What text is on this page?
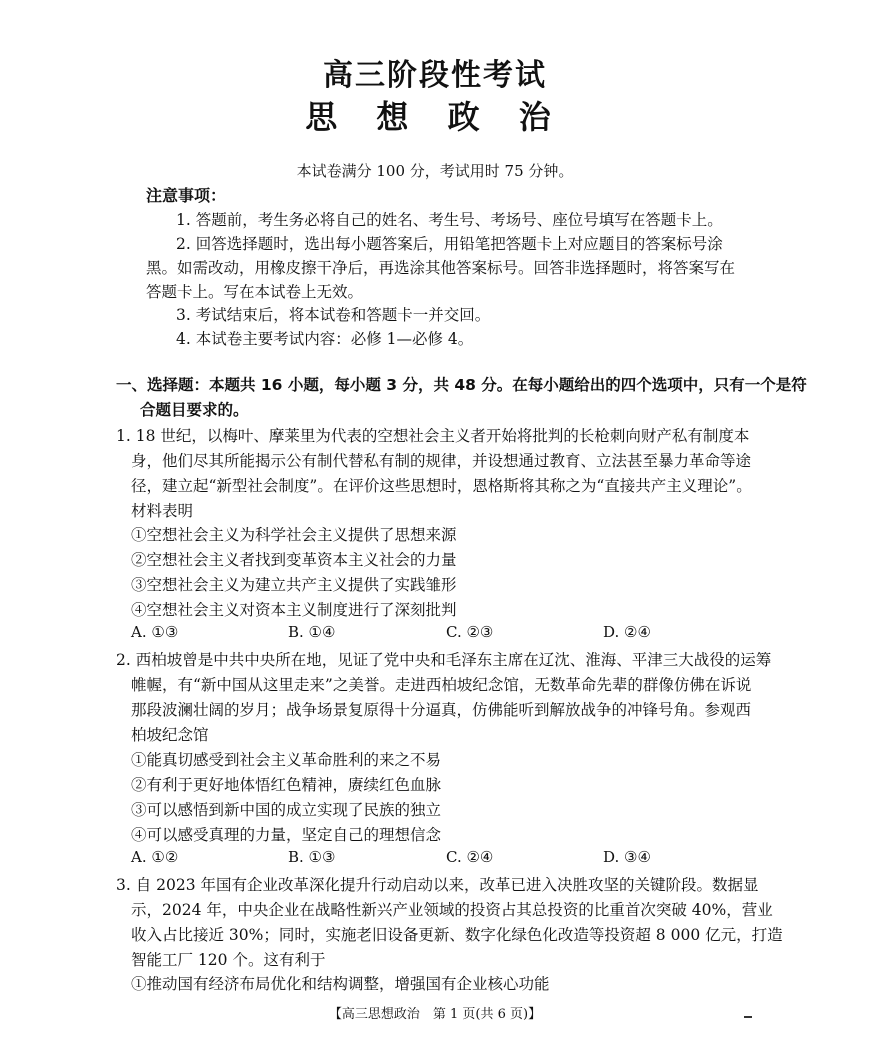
高三阶段性考试
思 想 政 治
本试卷满分 100 分，考试用时 75 分钟。
注意事项：
1. 答题前，考生务必将自己的姓名、考生号、考场号、座位号填写在答题卡上。
2. 回答选择题时，选出每小题答案后，用铅笔把答题卡上对应题目的答案标号涂
黑。如需改动，用橡皮擦干净后，再选涂其他答案标号。回答非选择题时，将答案写在
答题卡上。写在本试卷上无效。
3. 考试结束后，将本试卷和答题卡一并交回。
4. 本试卷主要考试内容：必修 1—必修 4。
一、选择题：本题共 16 小题，每小题 3 分，共 48 分。在每小题给出的四个选项中，只有一个是符
合题目要求的。
1. 18 世纪，以梅叶、摩莱里为代表的空想社会主义者开始将批判的长枪刺向财产私有制度本
身，他们尽其所能揭示公有制代替私有制的规律，并设想通过教育、立法甚至暴力革命等途
径，建立起“新型社会制度”。在评价这些思想时，恩格斯将其称之为“直接共产主义理论”。
材料表明
①空想社会主义为科学社会主义提供了思想来源
②空想社会主义者找到变革资本主义社会的力量
③空想社会主义为建立共产主义提供了实践雏形
④空想社会主义对资本主义制度进行了深刻批判
A. ①③	B. ①④	C. ②③	D. ②④
2. 西柏坡曾是中共中央所在地，见证了党中央和毛泽东主席在辽沈、淮海、平津三大战役的运筹
帷幄，有“新中国从这里走来”之美誉。走进西柏坡纪念馆，无数革命先辈的群像仿佛在诉说
那段波澜壮阔的岁月；战争场景复原得十分逼真，仿佛能听到解放战争的冲锋号角。参观西
柏坡纪念馆
①能真切感受到社会主义革命胜利的来之不易
②有利于更好地体悟红色精神，赓续红色血脉
③可以感悟到新中国的成立实现了民族的独立
④可以感受真理的力量，坚定自己的理想信念
A. ①②	B. ①③	C. ②④	D. ③④
3. 自 2023 年国有企业改革深化提升行动启动以来，改革已进入决胜攻坚的关键阶段。数据显
示，2024 年，中央企业在战略性新兴产业领域的投资占其总投资的比重首次突破 40%，营业
收入占比接近 30%；同时，实施老旧设备更新、数字化绿色化改造等投资超 8 000 亿元，打造
智能工厂 120 个。这有利于
①推动国有经济布局优化和结构调整，增强国有企业核心功能
【高三思想政治　第 1 页(共 6 页)】
